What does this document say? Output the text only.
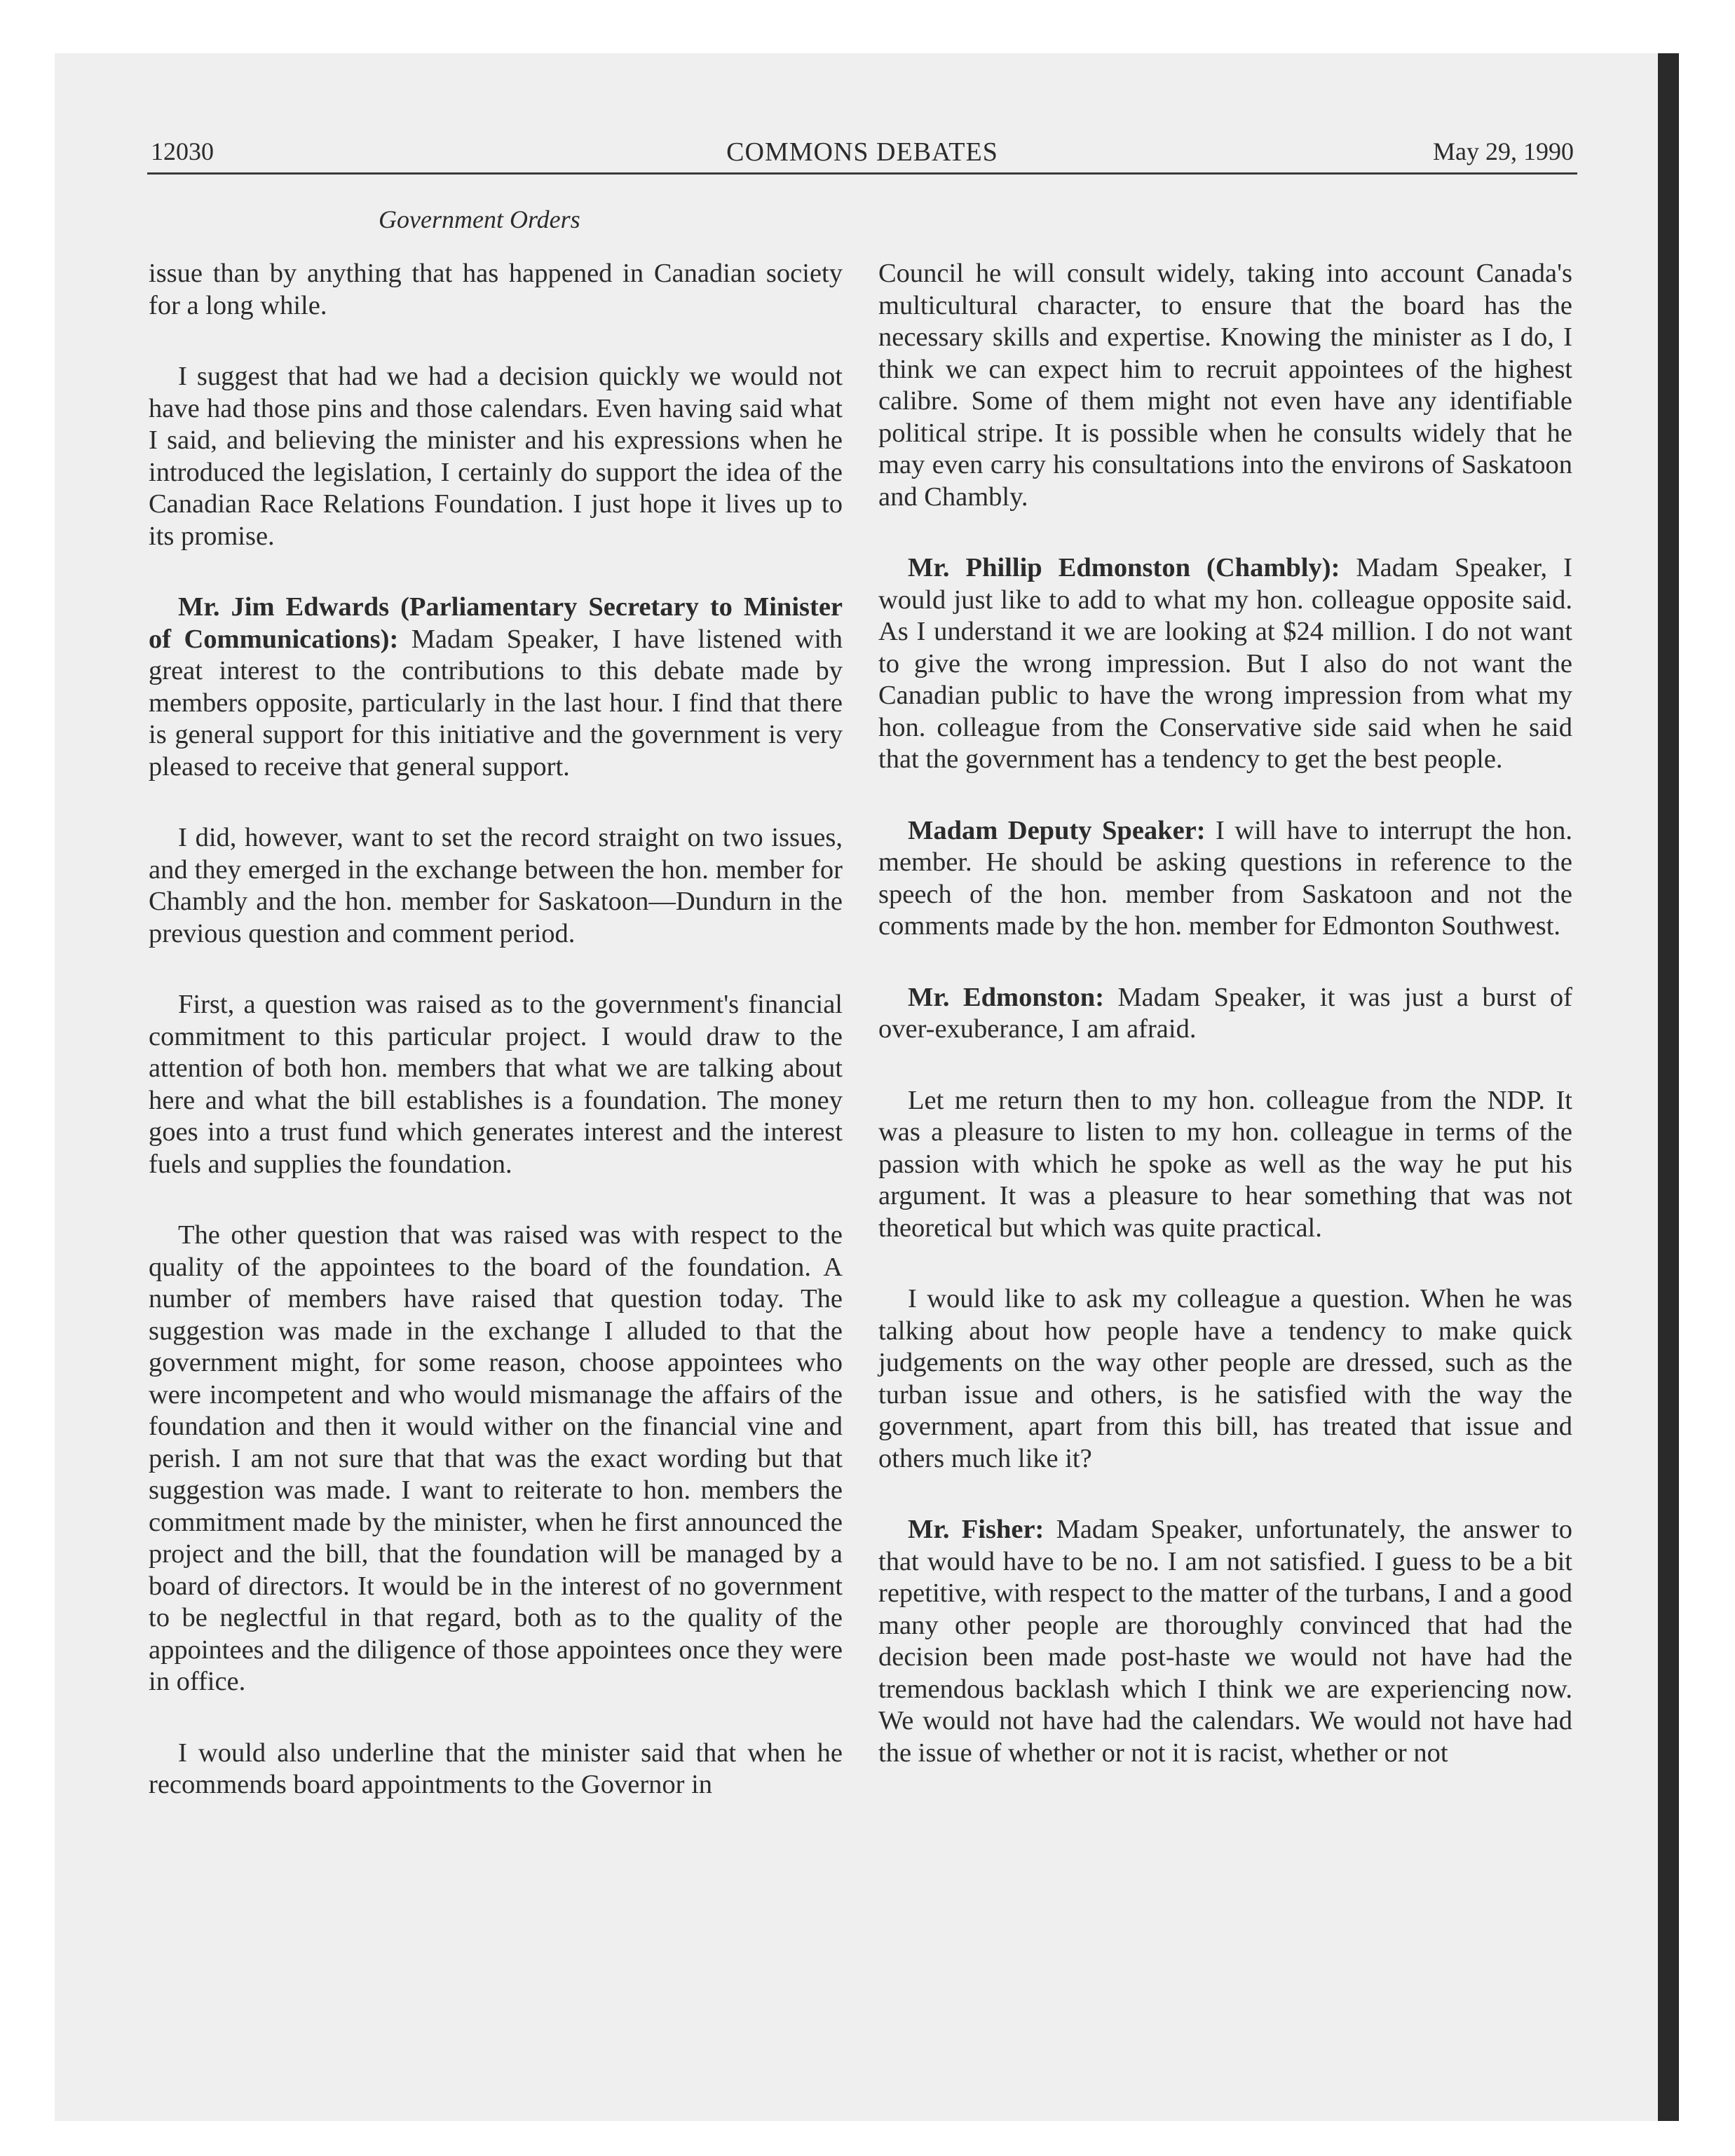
12030	COMMONS DEBATES	May 29, 1990
Government Orders

issue than by anything that has happened in Canadian society for a long while.

I suggest that had we had a decision quickly we would not have had those pins and those calendars. Even having said what I said, and believing the minister and his expressions when he introduced the legislation, I certainly do support the idea of the Canadian Race Relations Foundation. I just hope it lives up to its promise.

Mr. Jim Edwards (Parliamentary Secretary to Minister of Communications): Madam Speaker, I have listened with great interest to the contributions to this debate made by members opposite, particularly in the last hour. I find that there is general support for this initiative and the government is very pleased to receive that general support.

I did, however, want to set the record straight on two issues, and they emerged in the exchange between the hon. member for Chambly and the hon. member for Saskatoon—Dundurn in the previous question and comment period.

First, a question was raised as to the government's financial commitment to this particular project. I would draw to the attention of both hon. members that what we are talking about here and what the bill establishes is a foundation. The money goes into a trust fund which generates interest and the interest fuels and supplies the foundation.

The other question that was raised was with respect to the quality of the appointees to the board of the foundation. A number of members have raised that question today. The suggestion was made in the exchange I alluded to that the government might, for some reason, choose appointees who were incompetent and who would mismanage the affairs of the foundation and then it would wither on the financial vine and perish. I am not sure that that was the exact wording but that suggestion was made. I want to reiterate to hon. members the commitment made by the minister, when he first announced the project and the bill, that the foundation will be managed by a board of directors. It would be in the interest of no government to be neglectful in that regard, both as to the quality of the appointees and the diligence of those appointees once they were in office.

I would also underline that the minister said that when he recommends board appointments to the Governor in

Council he will consult widely, taking into account Canada's multicultural character, to ensure that the board has the necessary skills and expertise. Knowing the minister as I do, I think we can expect him to recruit appointees of the highest calibre. Some of them might not even have any identifiable political stripe. It is possible when he consults widely that he may even carry his consultations into the environs of Saskatoon and Chambly.

Mr. Phillip Edmonston (Chambly): Madam Speaker, I would just like to add to what my hon. colleague opposite said. As I understand it we are looking at $24 million. I do not want to give the wrong impression. But I also do not want the Canadian public to have the wrong impression from what my hon. colleague from the Conservative side said when he said that the government has a tendency to get the best people.

Madam Deputy Speaker: I will have to interrupt the hon. member. He should be asking questions in reference to the speech of the hon. member from Saskatoon and not the comments made by the hon. member for Edmonton Southwest.

Mr. Edmonston: Madam Speaker, it was just a burst of over-exuberance, I am afraid.

Let me return then to my hon. colleague from the NDP. It was a pleasure to listen to my hon. colleague in terms of the passion with which he spoke as well as the way he put his argument. It was a pleasure to hear something that was not theoretical but which was quite practical.

I would like to ask my colleague a question. When he was talking about how people have a tendency to make quick judgements on the way other people are dressed, such as the turban issue and others, is he satisfied with the way the government, apart from this bill, has treated that issue and others much like it?

Mr. Fisher: Madam Speaker, unfortunately, the answer to that would have to be no. I am not satisfied. I guess to be a bit repetitive, with respect to the matter of the turbans, I and a good many other people are thoroughly convinced that had the decision been made post-haste we would not have had the tremendous backlash which I think we are experiencing now. We would not have had the calendars. We would not have had the issue of whether or not it is racist, whether or not
